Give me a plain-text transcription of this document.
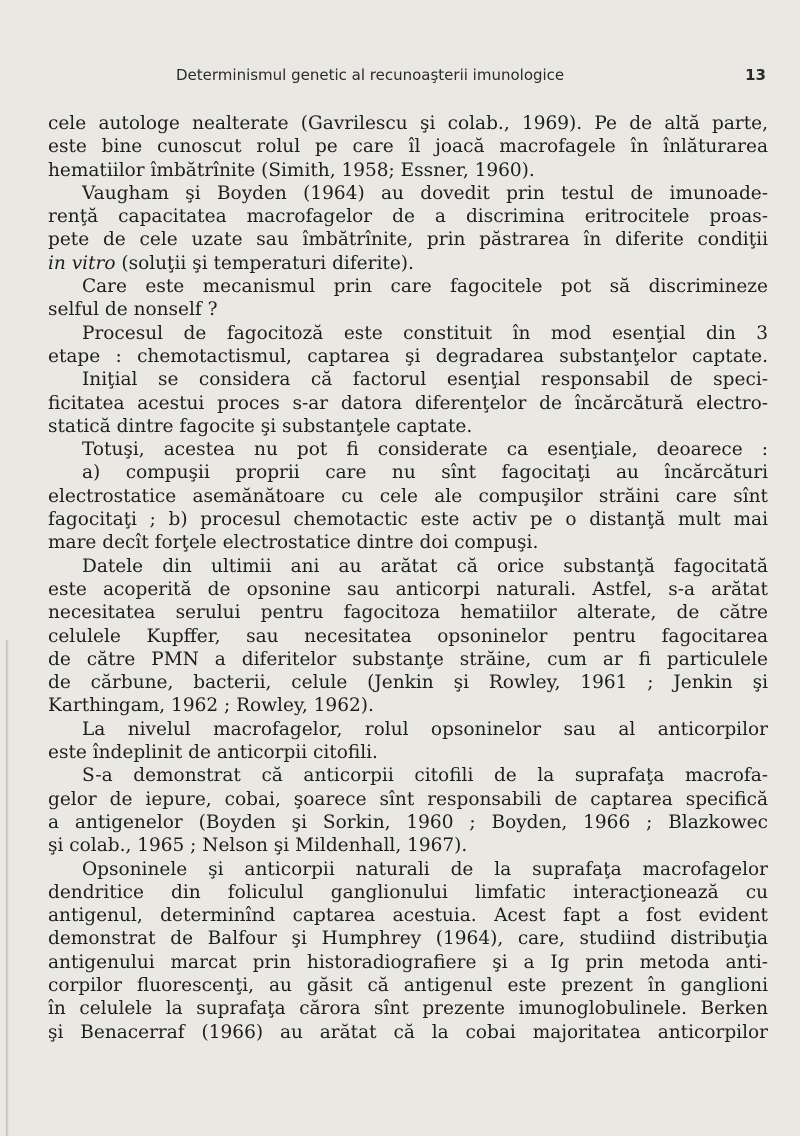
Determinismul genetic al recunoaşterii imunologice	13
cele autologe nealterate (Gavrilescu şi colab., 1969). Pe de altă parte,
este bine cunoscut rolul pe care îl joacă macrofagele în înlăturarea
hematiilor îmbătrînite (Simith, 1958; Essner, 1960).
Vaugham şi Boyden (1964) au dovedit prin testul de imunoade-
renţă capacitatea macrofagelor de a discrimina eritrocitele proas-
pete de cele uzate sau îmbătrînite, prin păstrarea în diferite condiţii
in vitro (soluţii şi temperaturi diferite).
Care este mecanismul prin care fagocitele pot să discrimineze
selful de nonself ?
Procesul de fagocitoză este constituit în mod esenţial din 3
etape : chemotactismul, captarea şi degradarea substanţelor captate.
Iniţial se considera că factorul esenţial responsabil de speci-
ficitatea acestui proces s-ar datora diferenţelor de încărcătură electro-
statică dintre fagocite şi substanţele captate.
Totuşi, acestea nu pot fi considerate ca esenţiale, deoarece :
a) compuşii proprii care nu sînt fagocitaţi au încărcături
electrostatice asemănătoare cu cele ale compuşilor străini care sînt
fagocitaţi ; b) procesul chemotactic este activ pe o distanţă mult mai
mare decît forţele electrostatice dintre doi compuşi.
Datele din ultimii ani au arătat că orice substanţă fagocitată
este acoperită de opsonine sau anticorpi naturali. Astfel, s-a arătat
necesitatea serului pentru fagocitoza hematiilor alterate, de către
celulele Kupffer, sau necesitatea opsoninelor pentru fagocitarea
de către PMN a diferitelor substanţe străine, cum ar fi particulele
de cărbune, bacterii, celule (Jenkin şi Rowley, 1961 ; Jenkin şi
Karthingam, 1962 ; Rowley, 1962).
La nivelul macrofagelor, rolul opsoninelor sau al anticorpilor
este îndeplinit de anticorpii citofili.
S-a demonstrat că anticorpii citofili de la suprafaţa macrofa-
gelor de iepure, cobai, şoarece sînt responsabili de captarea specifică
a antigenelor (Boyden şi Sorkin, 1960 ; Boyden, 1966 ; Blazkowec
şi colab., 1965 ; Nelson şi Mildenhall, 1967).
Opsoninele şi anticorpii naturali de la suprafaţa macrofagelor
dendritice din foliculul ganglionului limfatic interacţionează cu
antigenul, determinînd captarea acestuia. Acest fapt a fost evident
demonstrat de Balfour şi Humphrey (1964), care, studiind distribuţia
antigenului marcat prin historadiografiere şi a Ig prin metoda anti-
corpilor fluorescenţi, au găsit că antigenul este prezent în ganglioni
în celulele la suprafaţa cărora sînt prezente imunoglobulinele. Berken
şi Benacerraf (1966) au arătat că la cobai majoritatea anticorpilor
